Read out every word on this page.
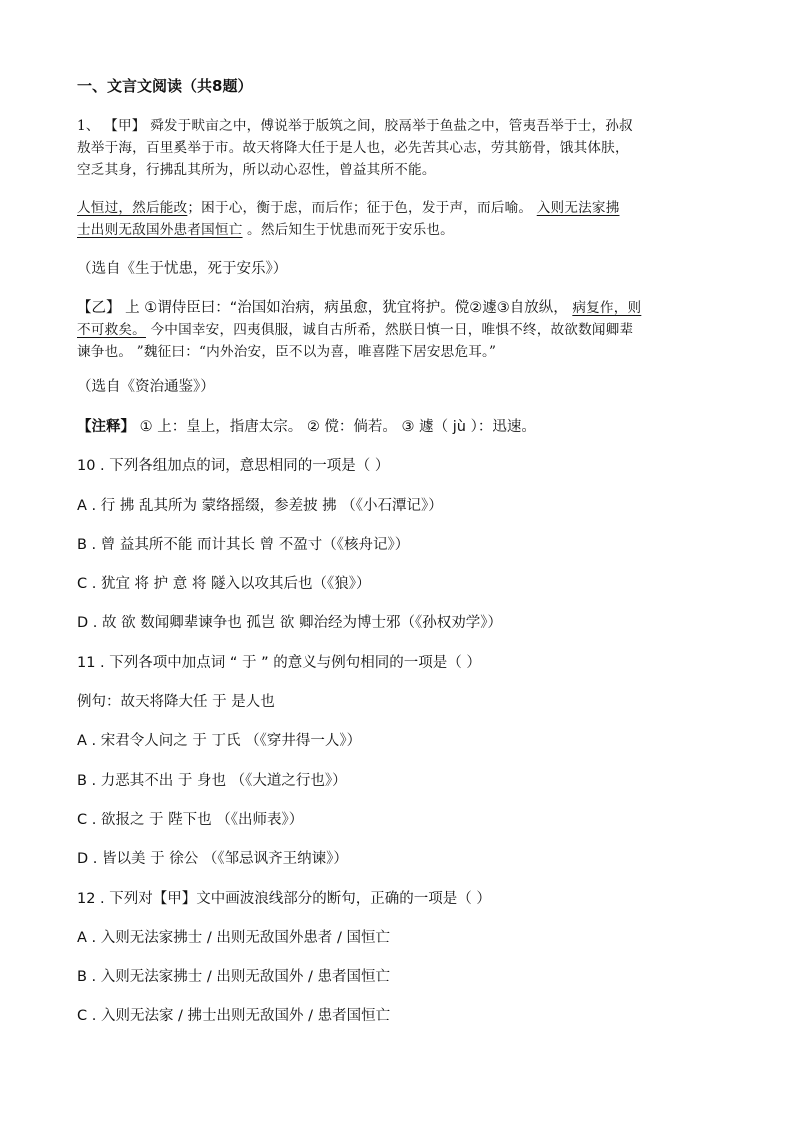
一、文言文阅读（共8题）
1、 【甲】 舜发于畎亩之中，傅说举于版筑之间，胶鬲举于鱼盐之中，管夷吾举于士，孙叔
敖举于海，百里奚举于市。故天将降大任于是人也，必先苦其心志，劳其筋骨，饿其体肤，
空乏其身，行拂乱其所为，所以动心忍性，曾益其所不能。
人恒过，然后能改；困于心，衡于虑，而后作；征于色，发于声，而后喻。 入则无法家拂
士出则无敌国外患者国恒亡 。然后知生于忧患而死于安乐也。
（选自《生于忧患，死于安乐》）
【乙】 上 ①谓侍臣曰：“治国如治病，病虽愈，犹宜将护。傥②遽③自放纵， 病复作，则
不可救矣。 今中国幸安，四夷俱服，诚自古所希，然朕日慎一日，唯惧不终，故欲数闻卿辈
谏争也。 ”魏征曰：“内外治安，臣不以为喜，唯喜陛下居安思危耳。”
（选自《资治通鉴》）
【注释】 ① 上：皇上，指唐太宗。 ② 傥：倘若。 ③ 遽（ jù ）：迅速。
10 . 下列各组加点的词，意思相同的一项是（ ）
A . 行 拂 乱其所为 蒙络摇缀，参差披 拂 （《小石潭记》）
B . 曾 益其所不能 而计其长 曾 不盈寸（《核舟记》）
C . 犹宜 将 护 意 将 隧入以攻其后也（《狼》）
D . 故 欲 数闻卿辈谏争也 孤岂 欲 卿治经为博士邪（《孙权劝学》）
11 . 下列各项中加点词 “ 于 ” 的意义与例句相同的一项是（ ）
例句：故天将降大任 于 是人也
A . 宋君令人问之 于 丁氏 （《穿井得一人》）
B . 力恶其不出 于 身也 （《大道之行也》）
C . 欲报之 于 陛下也 （《出师表》）
D . 皆以美 于 徐公 （《邹忌讽齐王纳谏》）
12 . 下列对【甲】文中画波浪线部分的断句，正确的一项是（ ）
A . 入则无法家拂士 / 出则无敌国外患者 / 国恒亡
B . 入则无法家拂士 / 出则无敌国外 / 患者国恒亡
C . 入则无法家 / 拂士出则无敌国外 / 患者国恒亡
